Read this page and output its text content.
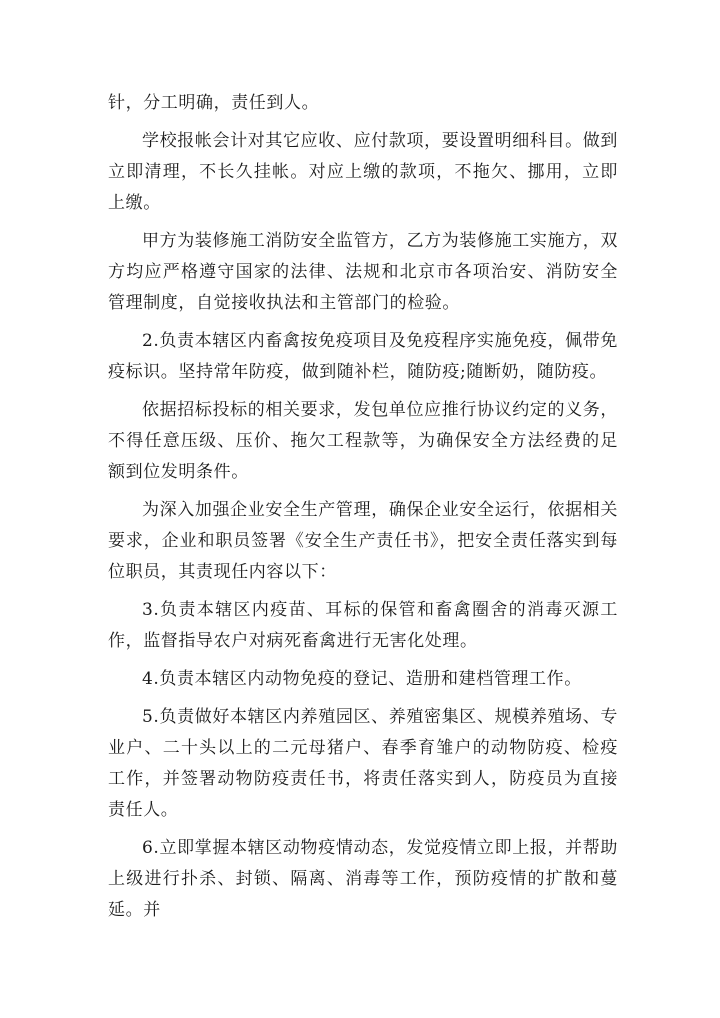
针，分工明确，责任到人。

学校报帐会计对其它应收、应付款项，要设置明细科目。做到立即清理，不长久挂帐。对应上缴的款项，不拖欠、挪用，立即上缴。

甲方为装修施工消防安全监管方，乙方为装修施工实施方，双方均应严格遵守国家的法律、法规和北京市各项治安、消防安全管理制度，自觉接收执法和主管部门的检验。

2.负责本辖区内畜禽按免疫项目及免疫程序实施免疫，佩带免疫标识。坚持常年防疫，做到随补栏，随防疫;随断奶，随防疫。

依据招标投标的相关要求，发包单位应推行协议约定的义务，不得任意压级、压价、拖欠工程款等，为确保安全方法经费的足额到位发明条件。

为深入加强企业安全生产管理，确保企业安全运行，依据相关要求，企业和职员签署《安全生产责任书》，把安全责任落实到每位职员，其责现任内容以下：

3.负责本辖区内疫苗、耳标的保管和畜禽圈舍的消毒灭源工作，监督指导农户对病死畜禽进行无害化处理。

4.负责本辖区内动物免疫的登记、造册和建档管理工作。

5.负责做好本辖区内养殖园区、养殖密集区、规模养殖场、专业户、二十头以上的二元母猪户、春季育雏户的动物防疫、检疫工作，并签署动物防疫责任书，将责任落实到人，防疫员为直接责任人。

6.立即掌握本辖区动物疫情动态，发觉疫情立即上报，并帮助上级进行扑杀、封锁、隔离、消毒等工作，预防疫情的扩散和蔓延。并
